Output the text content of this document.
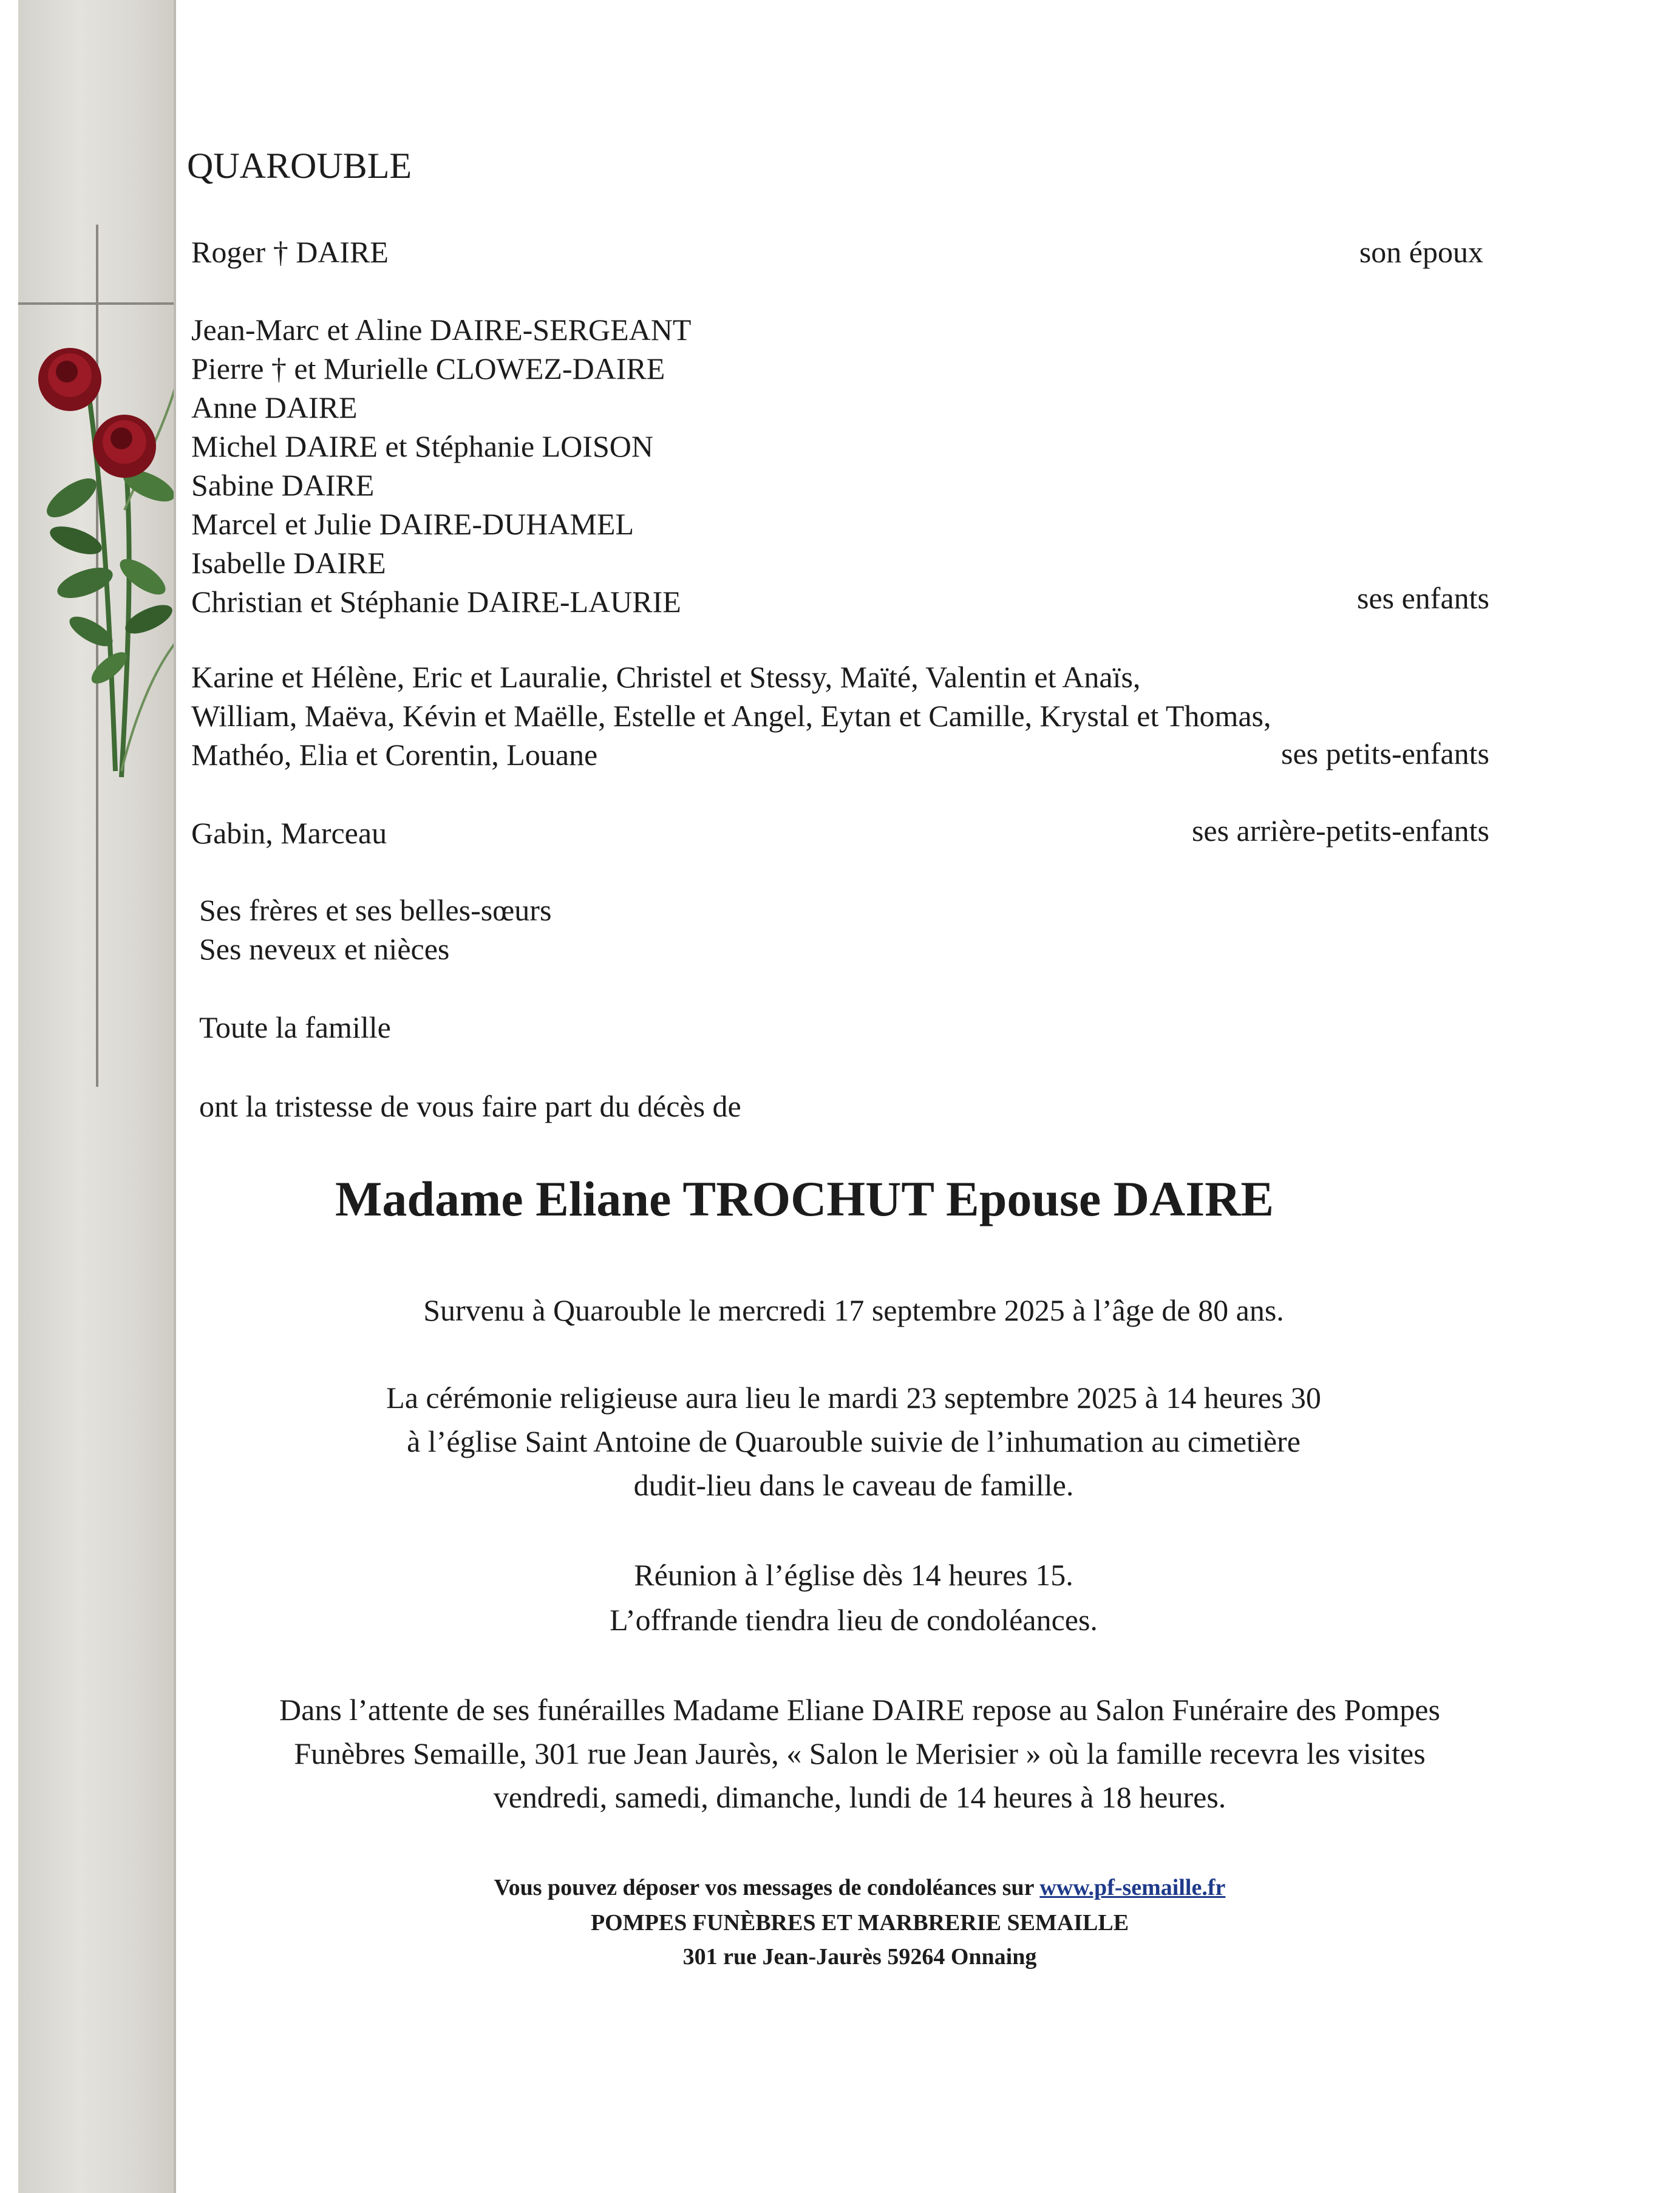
QUAROUBLE
Roger † DAIRE	son époux
Jean-Marc et Aline DAIRE-SERGEANT
Pierre † et Murielle CLOWEZ-DAIRE
Anne DAIRE
Michel DAIRE et Stéphanie LOISON
Sabine DAIRE
Marcel et Julie DAIRE-DUHAMEL
Isabelle DAIRE
Christian et Stéphanie DAIRE-LAURIE	ses enfants
Karine et Hélène, Eric et Lauralie, Christel et Stessy, Maïté, Valentin et Anaïs,
William, Maëva, Kévin et Maëlle, Estelle et Angel, Eytan et Camille, Krystal et Thomas,
Mathéo, Elia et Corentin, Louane	ses petits-enfants
Gabin, Marceau	ses arrière-petits-enfants
Ses frères et ses belles-sœurs
Ses neveux et nièces
Toute la famille
ont la tristesse de vous faire part du décès de
Madame Eliane TROCHUT Epouse DAIRE
Survenu à Quarouble le mercredi 17 septembre 2025 à l’âge de 80 ans.
La cérémonie religieuse aura lieu le mardi 23 septembre 2025 à 14 heures 30
à l’église Saint Antoine de Quarouble suivie de l’inhumation au cimetière
dudit-lieu dans le caveau de famille.
Réunion à l’église dès 14 heures 15.
L’offrande tiendra lieu de condoléances.
Dans l’attente de ses funérailles Madame Eliane DAIRE repose au Salon Funéraire des Pompes
Funèbres Semaille, 301 rue Jean Jaurès, « Salon le Merisier » où la famille recevra les visites
vendredi, samedi, dimanche, lundi de 14 heures à 18 heures.
Vous pouvez déposer vos messages de condoléances sur www.pf-semaille.fr
POMPES FUNÈBRES ET MARBRERIE SEMAILLE
301 rue Jean-Jaurès 59264 Onnaing
